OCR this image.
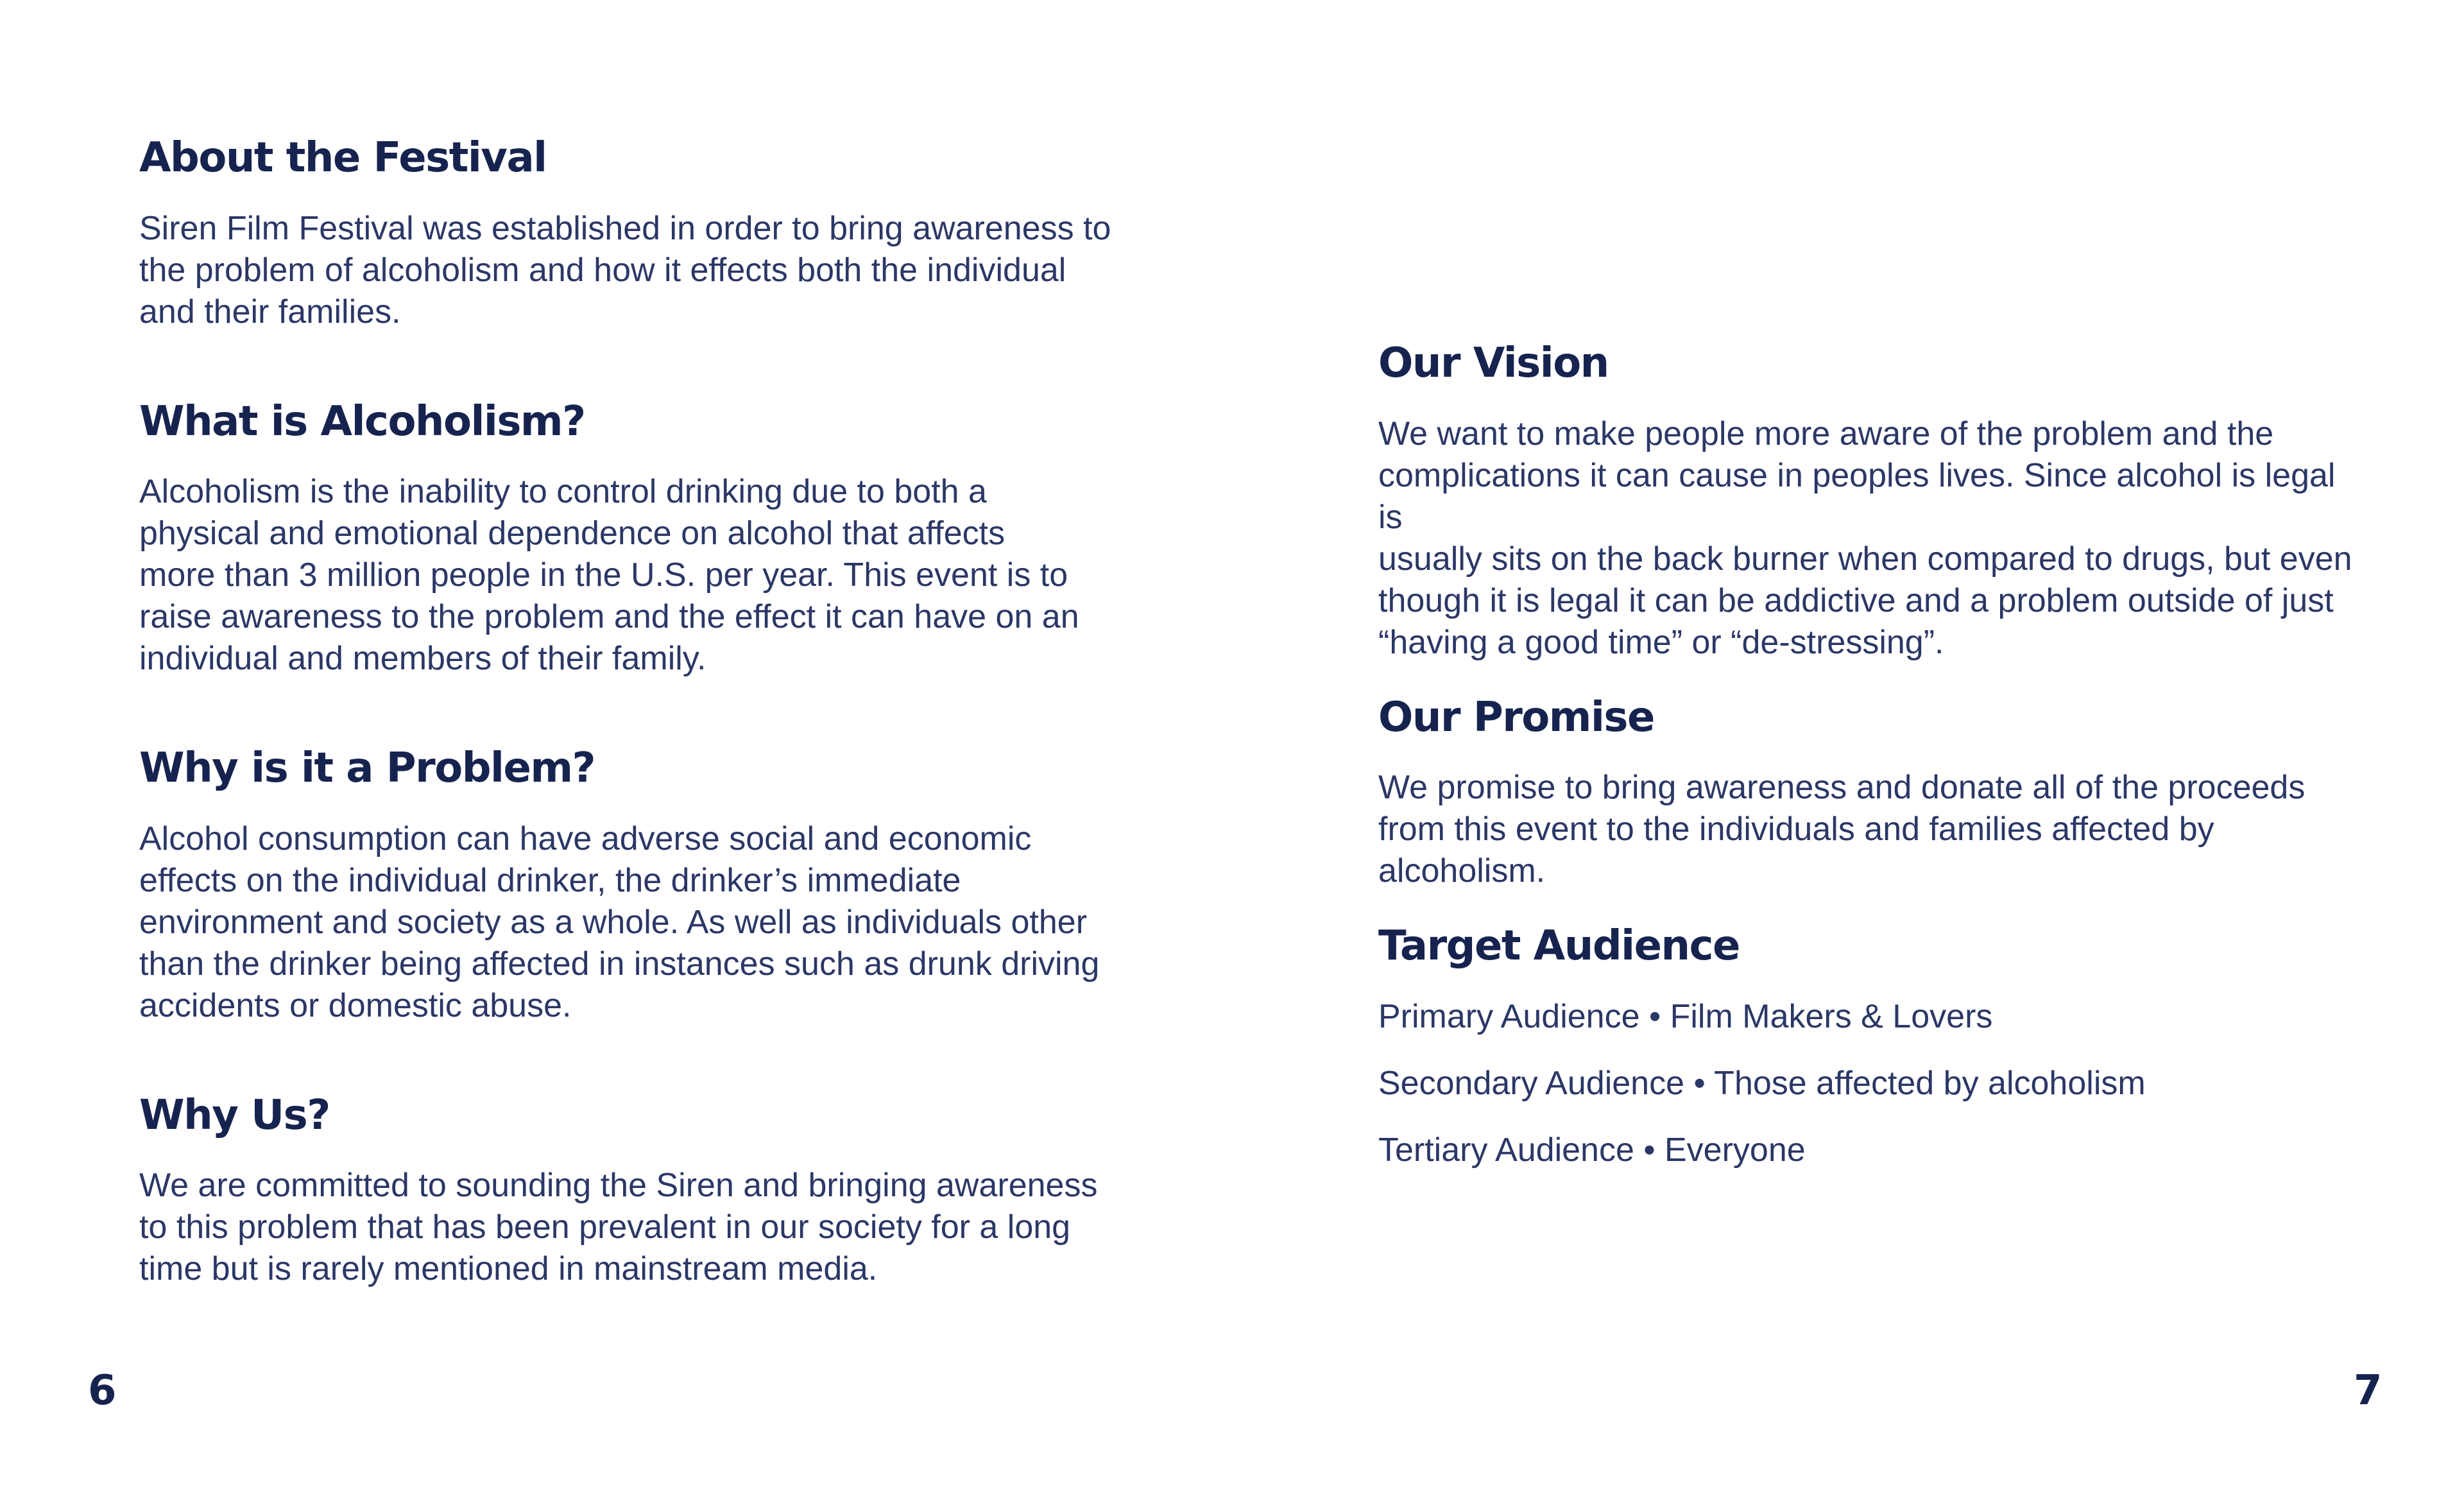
About the Festival

Siren Film Festival was established in order to bring awareness to
the problem of alcoholism and how it effects both the individual
and their families.

What is Alcoholism?

Alcoholism is the inability to control drinking due to both a
physical and emotional dependence on alcohol that affects
more than 3 million people in the U.S. per year. This event is to
raise awareness to the problem and the effect it can have on an
individual and members of their family.

Why is it a Problem?

Alcohol consumption can have adverse social and economic
effects on the individual drinker, the drinker’s immediate
environment and society as a whole. As well as individuals other
than the drinker being affected in instances such as drunk driving
accidents or domestic abuse.

Why Us?

We are committed to sounding the Siren and bringing awareness
to this problem that has been prevalent in our society for a long
time but is rarely mentioned in mainstream media.

Our Vision

We want to make people more aware of the problem and the
complications it can cause in peoples lives. Since alcohol is legal is
usually sits on the back burner when compared to drugs, but even
though it is legal it can be addictive and a problem outside of just
“having a good time” or “de-stressing”.

Our Promise

We promise to bring awareness and donate all of the proceeds
from this event to the individuals and families affected by
alcoholism.

Target Audience

Primary Audience • Film Makers & Lovers

Secondary Audience • Those affected by alcoholism

Tertiary Audience • Everyone

6	7
